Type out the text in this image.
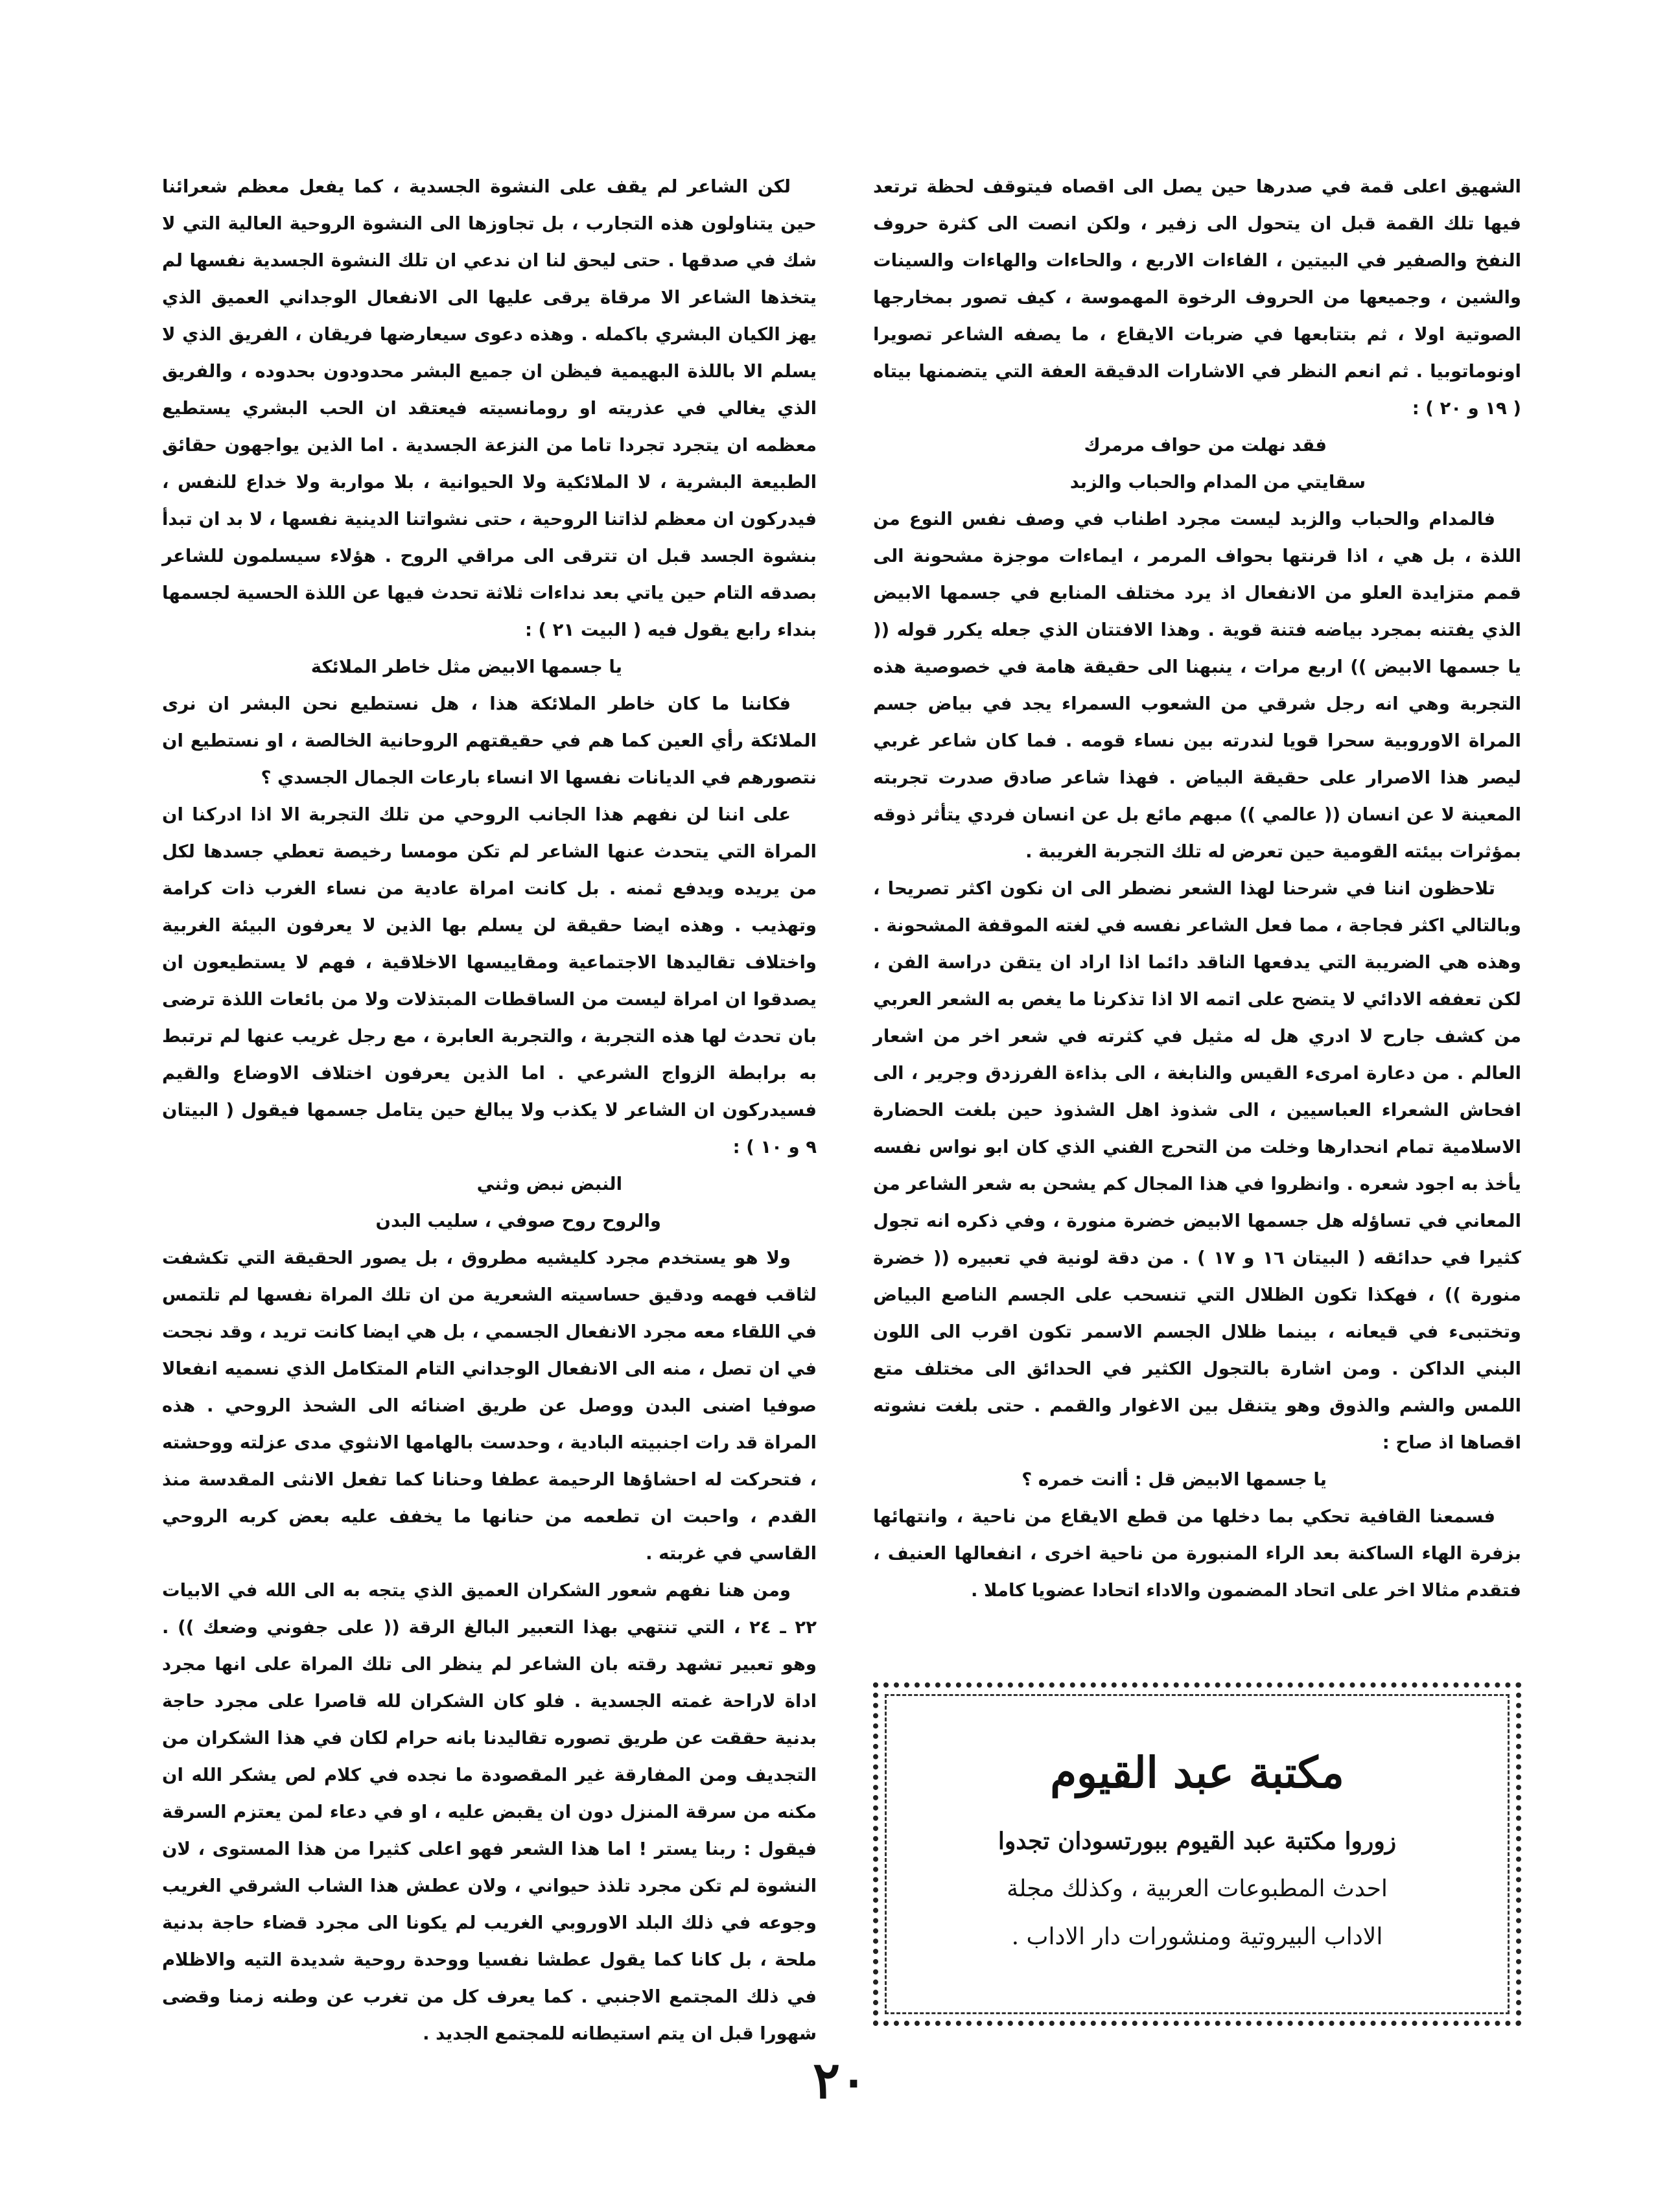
الشهيق اعلى قمة في صدرها حين يصل الى اقصاه فيتوقف لحظة ترتعد فيها تلك القمة قبل ان يتحول الى زفير ، ولكن انصت الى كثرة حروف النفخ والصفير في البيتين ، الفاءات الاربع ، والحاءات والهاءات والسينات والشين ، وجميعها من الحروف الرخوة المهموسة ، كيف تصور بمخارجها الصوتية اولا ، ثم بتتابعها في ضربات الايقاع ، ما يصفه الشاعر تصويرا اونوماتوبيا . ثم انعم النظر في الاشارات الدقيقة العفة التي يتضمنها بيتاه ( ١٩ و ٢٠ ) :

فقد نهلت من حواف مرمرك

سقايتي من المدام والحباب والزبد

فالمدام والحباب والزبد ليست مجرد اطناب في وصف نفس النوع من اللذة ، بل هي ، اذا قرنتها بحواف المرمر ، ايماءات موجزة مشحونة الى قمم متزايدة العلو من الانفعال اذ يرد مختلف المنابع في جسمها الابيض الذي يفتنه بمجرد بياضه فتنة قوية . وهذا الافتتان الذي جعله يكرر قوله (( يا جسمها الابيض )) اربع مرات ، ينبهنا الى حقيقة هامة في خصوصية هذه التجربة وهي انه رجل شرقي من الشعوب السمراء يجد في بياض جسم المراة الاوروبية سحرا قويا لندرته بين نساء قومه . فما كان شاعر غربي ليصر هذا الاصرار على حقيقة البياض . فهذا شاعر صادق صدرت تجربته المعينة لا عن انسان (( عالمي )) مبهم مائع بل عن انسان فردي يتأثر ذوقه بمؤثرات بيئته القومية حين تعرض له تلك التجربة الغريبة .

تلاحظون اننا في شرحنا لهذا الشعر نضطر الى ان نكون اكثر تصريحا ، وبالتالي اكثر فجاجة ، مما فعل الشاعر نفسه في لغته الموقفة المشحونة . وهذه هي الضريبة التي يدفعها الناقد دائما اذا اراد ان يتقن دراسة الفن ، لكن تعففه الادائي لا يتضح على اتمه الا اذا تذكرنا ما يغص به الشعر العربي من كشف جارح لا ادري هل له مثيل في كثرته في شعر اخر من اشعار العالم . من دعارة امرىء القيس والنابغة ، الى بذاءة الفرزدق وجرير ، الى افحاش الشعراء العباسيين ، الى شذوذ اهل الشذوذ حين بلغت الحضارة الاسلامية تمام انحدارها وخلت من التحرج الفني الذي كان ابو نواس نفسه يأخذ به اجود شعره . وانظروا في هذا المجال كم يشحن به شعر الشاعر من المعاني في تساؤله هل جسمها الابيض خضرة منورة ، وفي ذكره انه تجول كثيرا في حدائقه ( البيتان ١٦ و ١٧ ) . من دقة لونية في تعبيره (( خضرة منورة )) ، فهكذا تكون الظلال التي تنسحب على الجسم الناصع البياض وتختبىء في قيعانه ، بينما ظلال الجسم الاسمر تكون اقرب الى اللون البني الداكن . ومن اشارة بالتجول الكثير في الحدائق الى مختلف متع اللمس والشم والذوق وهو يتنقل بين الاغوار والقمم . حتى بلغت نشوته اقصاها اذ صاح :

يا جسمها الابيض قل : أانت خمره ؟

فسمعنا القافية تحكي بما دخلها من قطع الايقاع من ناحية ، وانتهائها بزفرة الهاء الساكنة بعد الراء المنبورة من ناحية اخرى ، انفعالها العنيف ، فتقدم مثالا اخر على اتحاد المضمون والاداء اتحادا عضويا كاملا .

لكن الشاعر لم يقف على النشوة الجسدية ، كما يفعل معظم شعرائنا حين يتناولون هذه التجارب ، بل تجاوزها الى النشوة الروحية العالية التي لا شك في صدقها . حتى ليحق لنا ان ندعي ان تلك النشوة الجسدية نفسها لم يتخذها الشاعر الا مرقاة يرقى عليها الى الانفعال الوجداني العميق الذي يهز الكيان البشري باكمله . وهذه دعوى سيعارضها فريقان ، الفريق الذي لا يسلم الا باللذة البهيمية فيظن ان جميع البشر محدودون بحدوده ، والفريق الذي يغالي في عذريته او رومانسيته فيعتقد ان الحب البشري يستطيع معظمه ان يتجرد تجردا تاما من النزعة الجسدية . اما الذين يواجهون حقائق الطبيعة البشرية ، لا الملائكية ولا الحيوانية ، بلا مواربة ولا خداع للنفس ، فيدركون ان معظم لذاتنا الروحية ، حتى نشواتنا الدينية نفسها ، لا بد ان تبدأ بنشوة الجسد قبل ان تترقى الى مراقي الروح . هؤلاء سيسلمون للشاعر بصدقه التام حين ياتي بعد نداءات ثلاثة تحدث فيها عن اللذة الحسية لجسمها بنداء رابع يقول فيه ( البيت ٢١ ) :

يا جسمها الابيض مثل خاطر الملائكة

فكاننا ما كان خاطر الملائكة هذا ، هل نستطيع نحن البشر ان نرى الملائكة رأي العين كما هم في حقيقتهم الروحانية الخالصة ، او نستطيع ان نتصورهم في الديانات نفسها الا انساء بارعات الجمال الجسدي ؟

على اننا لن نفهم هذا الجانب الروحي من تلك التجربة الا اذا ادركنا ان المراة التي يتحدث عنها الشاعر لم تكن مومسا رخيصة تعطي جسدها لكل من يريده ويدفع ثمنه . بل كانت امراة عادية من نساء الغرب ذات كرامة وتهذيب . وهذه ايضا حقيقة لن يسلم بها الذين لا يعرفون البيئة الغربية واختلاف تقاليدها الاجتماعية ومقاييسها الاخلاقية ، فهم لا يستطيعون ان يصدقوا ان امراة ليست من الساقطات المبتذلات ولا من بائعات اللذة ترضى بان تحدث لها هذه التجربة ، والتجربة العابرة ، مع رجل غريب عنها لم ترتبط به برابطة الزواج الشرعي . اما الذين يعرفون اختلاف الاوضاع والقيم فسيدركون ان الشاعر لا يكذب ولا يبالغ حين يتامل جسمها فيقول ( البيتان ٩ و ١٠ ) :

النبض نبض وثني

والروح روح صوفي ، سليب البدن

ولا هو يستخدم مجرد كليشيه مطروق ، بل يصور الحقيقة التي تكشفت لثاقب فهمه ودقيق حساسيته الشعرية من ان تلك المراة نفسها لم تلتمس في اللقاء معه مجرد الانفعال الجسمي ، بل هي ايضا كانت تريد ، وقد نجحت في ان تصل ، منه الى الانفعال الوجداني التام المتكامل الذي نسميه انفعالا صوفيا اضنى البدن ووصل عن طريق اضنائه الى الشحذ الروحي . هذه المراة قد رات اجنبيته البادية ، وحدست بالهامها الانثوي مدى عزلته ووحشته ، فتحركت له احشاؤها الرحيمة عطفا وحنانا كما تفعل الانثى المقدسة منذ القدم ، واحبت ان تطعمه من حنانها ما يخفف عليه بعض كربه الروحي القاسي في غربته .

ومن هنا نفهم شعور الشكران العميق الذي يتجه به الى الله في الابيات ٢٢ ـ ٢٤ ، التي تنتهي بهذا التعبير البالغ الرقة (( على جفوني وضعك )) . وهو تعبير تشهد رقته بان الشاعر لم ينظر الى تلك المراة على انها مجرد اداة لاراحة غمته الجسدية . فلو كان الشكران لله قاصرا على مجرد حاجة بدنية حققت عن طريق تصوره تقاليدنا بانه حرام لكان في هذا الشكران من التجديف ومن المفارقة غير المقصودة ما نجده في كلام لص يشكر الله ان مكنه من سرقة المنزل دون ان يقبض عليه ، او في دعاء لمن يعتزم السرقة فيقول : ربنا يستر ! اما هذا الشعر فهو اعلى كثيرا من هذا المستوى ، لان النشوة لم تكن مجرد تلذذ حيواني ، ولان عطش هذا الشاب الشرقي الغريب وجوعه في ذلك البلد الاوروبي الغريب لم يكونا الى مجرد قضاء حاجة بدنية ملحة ، بل كانا كما يقول عطشا نفسيا ووحدة روحية شديدة التيه والاظلام في ذلك المجتمع الاجنبي . كما يعرف كل من تغرب عن وطنه زمنا وقضى شهورا قبل ان يتم استيطانه للمجتمع الجديد .

مكتبة عبد القيوم
زوروا مكتبة عبد القيوم ببورتسودان تجدوا
احدث المطبوعات العربية ، وكذلك مجلة
الاداب البيروتية ومنشورات دار الاداب .
٢٠
